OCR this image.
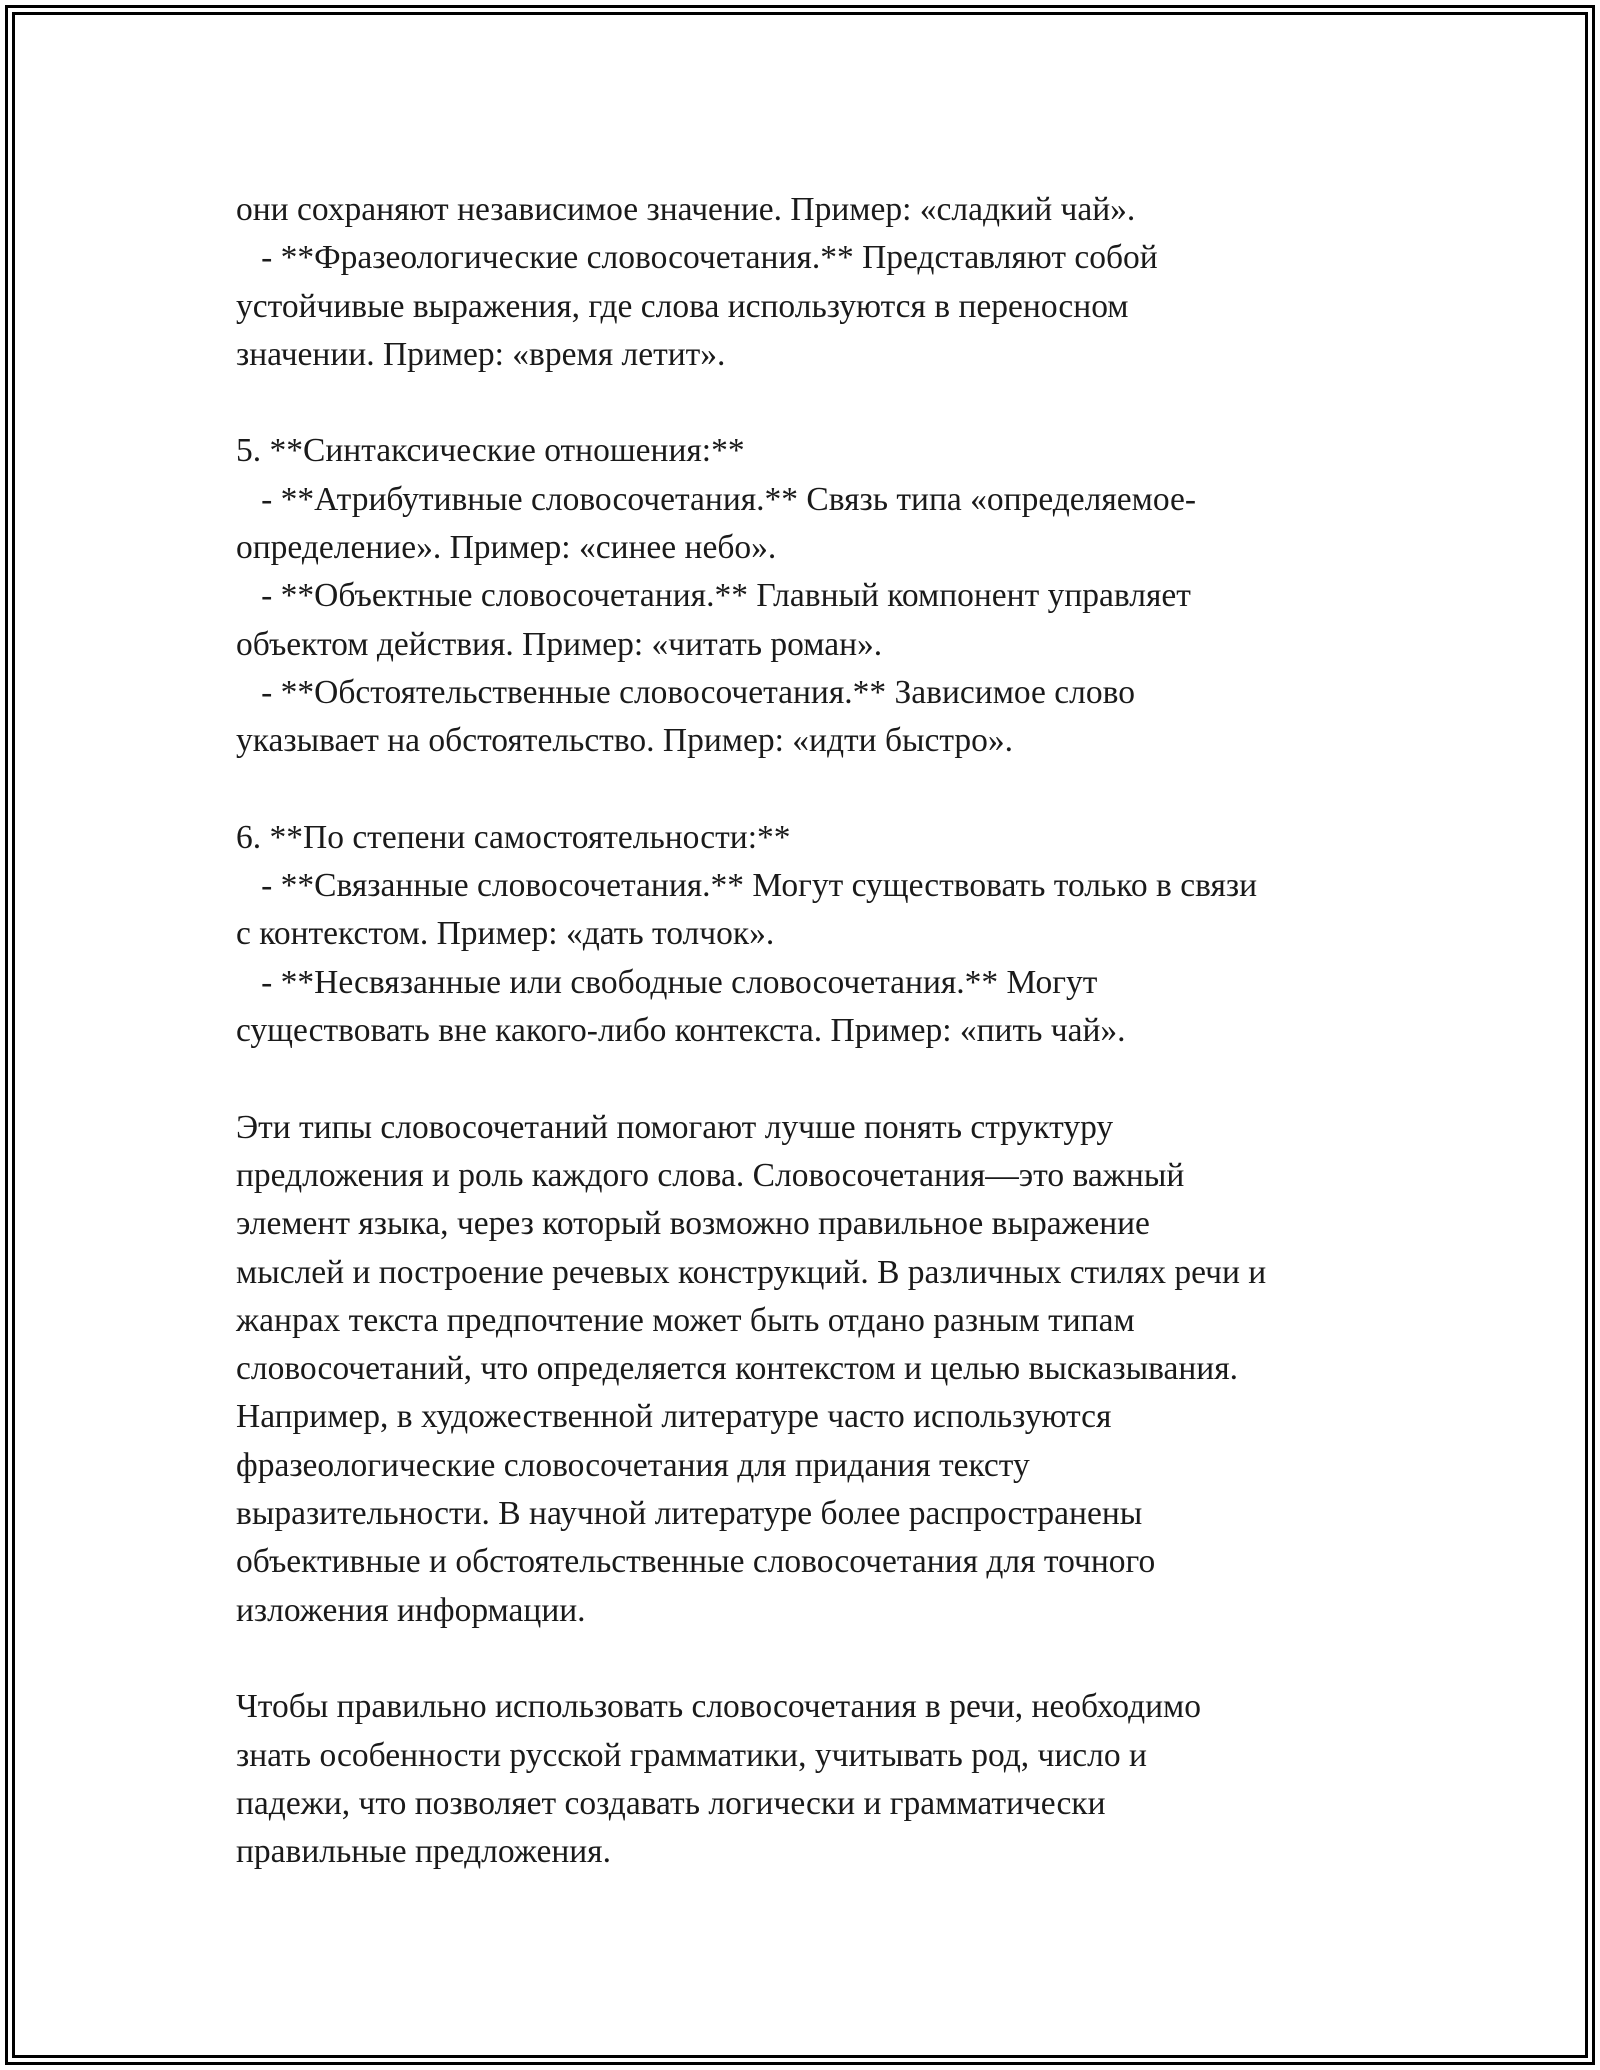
они сохраняют независимое значение. Пример: «сладкий чай».
- **Фразеологические словосочетания.** Представляют собой
устойчивые выражения, где слова используются в переносном
значении. Пример: «время летит».
5. **Синтаксические отношения:**
- **Атрибутивные словосочетания.** Связь типа «определяемое-
определение». Пример: «синее небо».
- **Объектные словосочетания.** Главный компонент управляет
объектом действия. Пример: «читать роман».
- **Обстоятельственные словосочетания.** Зависимое слово
указывает на обстоятельство. Пример: «идти быстро».
6. **По степени самостоятельности:**
- **Связанные словосочетания.** Могут существовать только в связи
с контекстом. Пример: «дать толчок».
- **Несвязанные или свободные словосочетания.** Могут
существовать вне какого-либо контекста. Пример: «пить чай».
Эти типы словосочетаний помогают лучше понять структуру
предложения и роль каждого слова. Словосочетания—это важный
элемент языка, через который возможно правильное выражение
мыслей и построение речевых конструкций. В различных стилях речи и
жанрах текста предпочтение может быть отдано разным типам
словосочетаний, что определяется контекстом и целью высказывания.
Например, в художественной литературе часто используются
фразеологические словосочетания для придания тексту
выразительности. В научной литературе более распространены
объективные и обстоятельственные словосочетания для точного
изложения информации.
Чтобы правильно использовать словосочетания в речи, необходимо
знать особенности русской грамматики, учитывать род, число и
падежи, что позволяет создавать логически и грамматически
правильные предложения.
